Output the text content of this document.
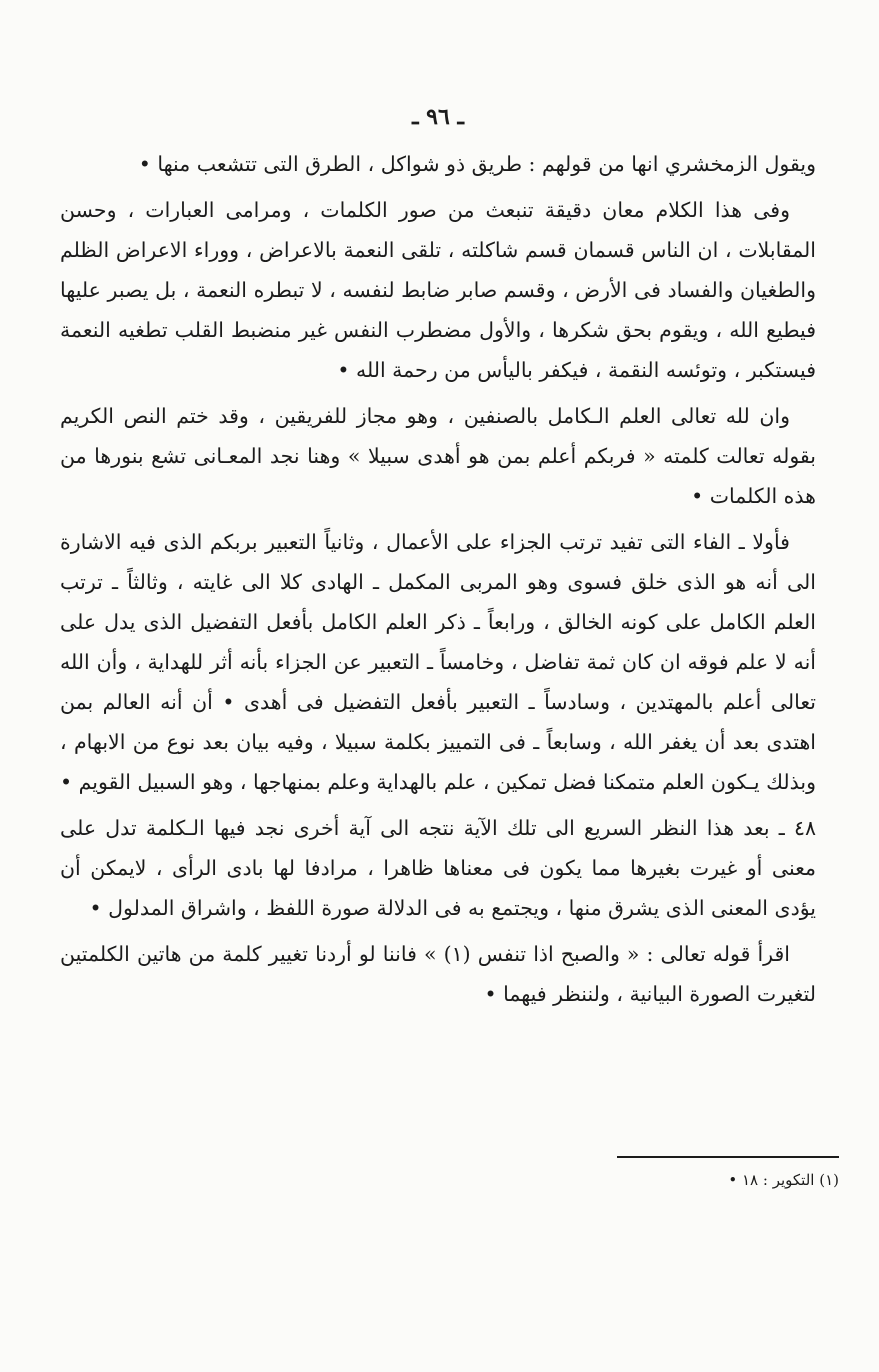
ـ ٩٦ ـ

ويقول الزمخشري انها من قولهم : طريق ذو شواكل ، الطرق التى تتشعب منها •

وفى هذا الكلام معان دقيقة تنبعث من صور الكلمات ، ومرامى العبارات ، وحسن المقابلات ، ان الناس قسمان قسم شاكلته ، تلقى النعمة بالاعراض ، ووراء الاعراض الظلم والطغيان والفساد فى الأرض ، وقسم صابر ضابط لنفسه ، لا تبطره النعمة ، بل يصبر عليها فيطيع الله ، ويقوم بحق شكرها ، والأول مضطرب النفس غير منضبط القلب تطغيه النعمة فيستكبر ، وتوئسه النقمة ، فيكفر باليأس من رحمة الله •

وان لله تعالى العلم الـكامل بالصنفين ، وهو مجاز للفريقين ، وقد ختم النص الكريم بقوله تعالت كلمته « فربكم أعلم بمن هو أهدى سبيلا » وهنا نجد المعـانى تشع بنورها من هذه الكلمات •

فأولا ـ الفاء التى تفيد ترتب الجزاء على الأعمال ، وثانياً التعبير بربكم الذى فيه الاشارة الى أنه هو الذى خلق فسوى وهو المربى المكمل ـ الهادى كلا الى غايته ، وثالثاً ـ ترتب العلم الكامل على كونه الخالق ، ورابعاً ـ ذكر العلم الكامل بأفعل التفضيل الذى يدل على أنه لا علم فوقه ان كان ثمة تفاضل ، وخامساً ـ التعبير عن الجزاء بأنه أثر للهداية ، وأن الله تعالى أعلم بالمهتدين ، وسادساً ـ التعبير بأفعل التفضيل فى أهدى • أن أنه العالم بمن اهتدى بعد أن يغفر الله ، وسابعاً ـ فى التمييز بكلمة سبيلا ، وفيه بيان بعد نوع من الابهام ، وبذلك يـكون العلم متمكنا فضل تمكين ، علم بالهداية وعلم بمنهاجها ، وهو السبيل القويم •

٤٨ ـ بعد هذا النظر السريع الى تلك الآية نتجه الى آية أخرى نجد فيها الـكلمة تدل على معنى أو غيرت بغيرها مما يكون فى معناها ظاهرا ، مرادفا لها بادى الرأى ، لايمكن أن يؤدى المعنى الذى يشرق منها ، ويجتمع به فى الدلالة صورة اللفظ ، واشراق المدلول •

اقرأ قوله تعالى : « والصبح اذا تنفس (١) » فاننا لو أردنا تغيير كلمة من هاتين الكلمتين لتغيرت الصورة البيانية ، ولننظر فيهما •

(١) التكوير : ١٨ •
